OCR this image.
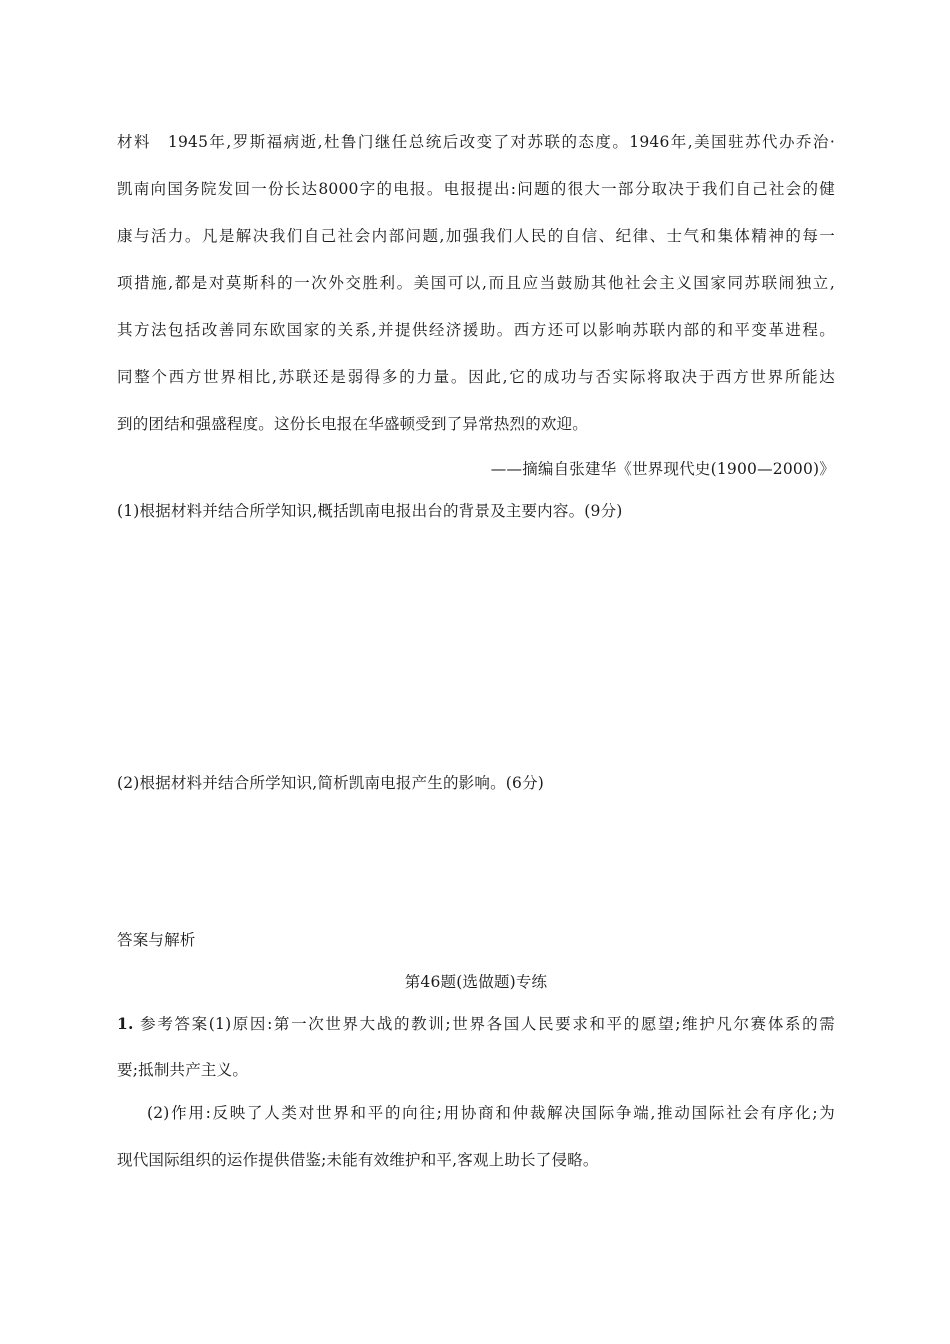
材料　1945年,罗斯福病逝,杜鲁门继任总统后改变了对苏联的态度。1946年,美国驻苏代办乔治·
凯南向国务院发回一份长达8000字的电报。电报提出:问题的很大一部分取决于我们自己社会的健
康与活力。凡是解决我们自己社会内部问题,加强我们人民的自信、纪律、士气和集体精神的每一
项措施,都是对莫斯科的一次外交胜利。美国可以,而且应当鼓励其他社会主义国家同苏联闹独立,
其方法包括改善同东欧国家的关系,并提供经济援助。西方还可以影响苏联内部的和平变革进程。
同整个西方世界相比,苏联还是弱得多的力量。因此,它的成功与否实际将取决于西方世界所能达
到的团结和强盛程度。这份长电报在华盛顿受到了异常热烈的欢迎。
——摘编自张建华《世界现代史(1900—2000)》
(1)根据材料并结合所学知识,概括凯南电报出台的背景及主要内容。(9分)
(2)根据材料并结合所学知识,简析凯南电报产生的影响。(6分)
答案与解析
第46题(选做题)专练
1. 参考答案(1)原因:第一次世界大战的教训;世界各国人民要求和平的愿望;维护凡尔赛体系的需
要;抵制共产主义。
(2)作用:反映了人类对世界和平的向往;用协商和仲裁解决国际争端,推动国际社会有序化;为
现代国际组织的运作提供借鉴;未能有效维护和平,客观上助长了侵略。
